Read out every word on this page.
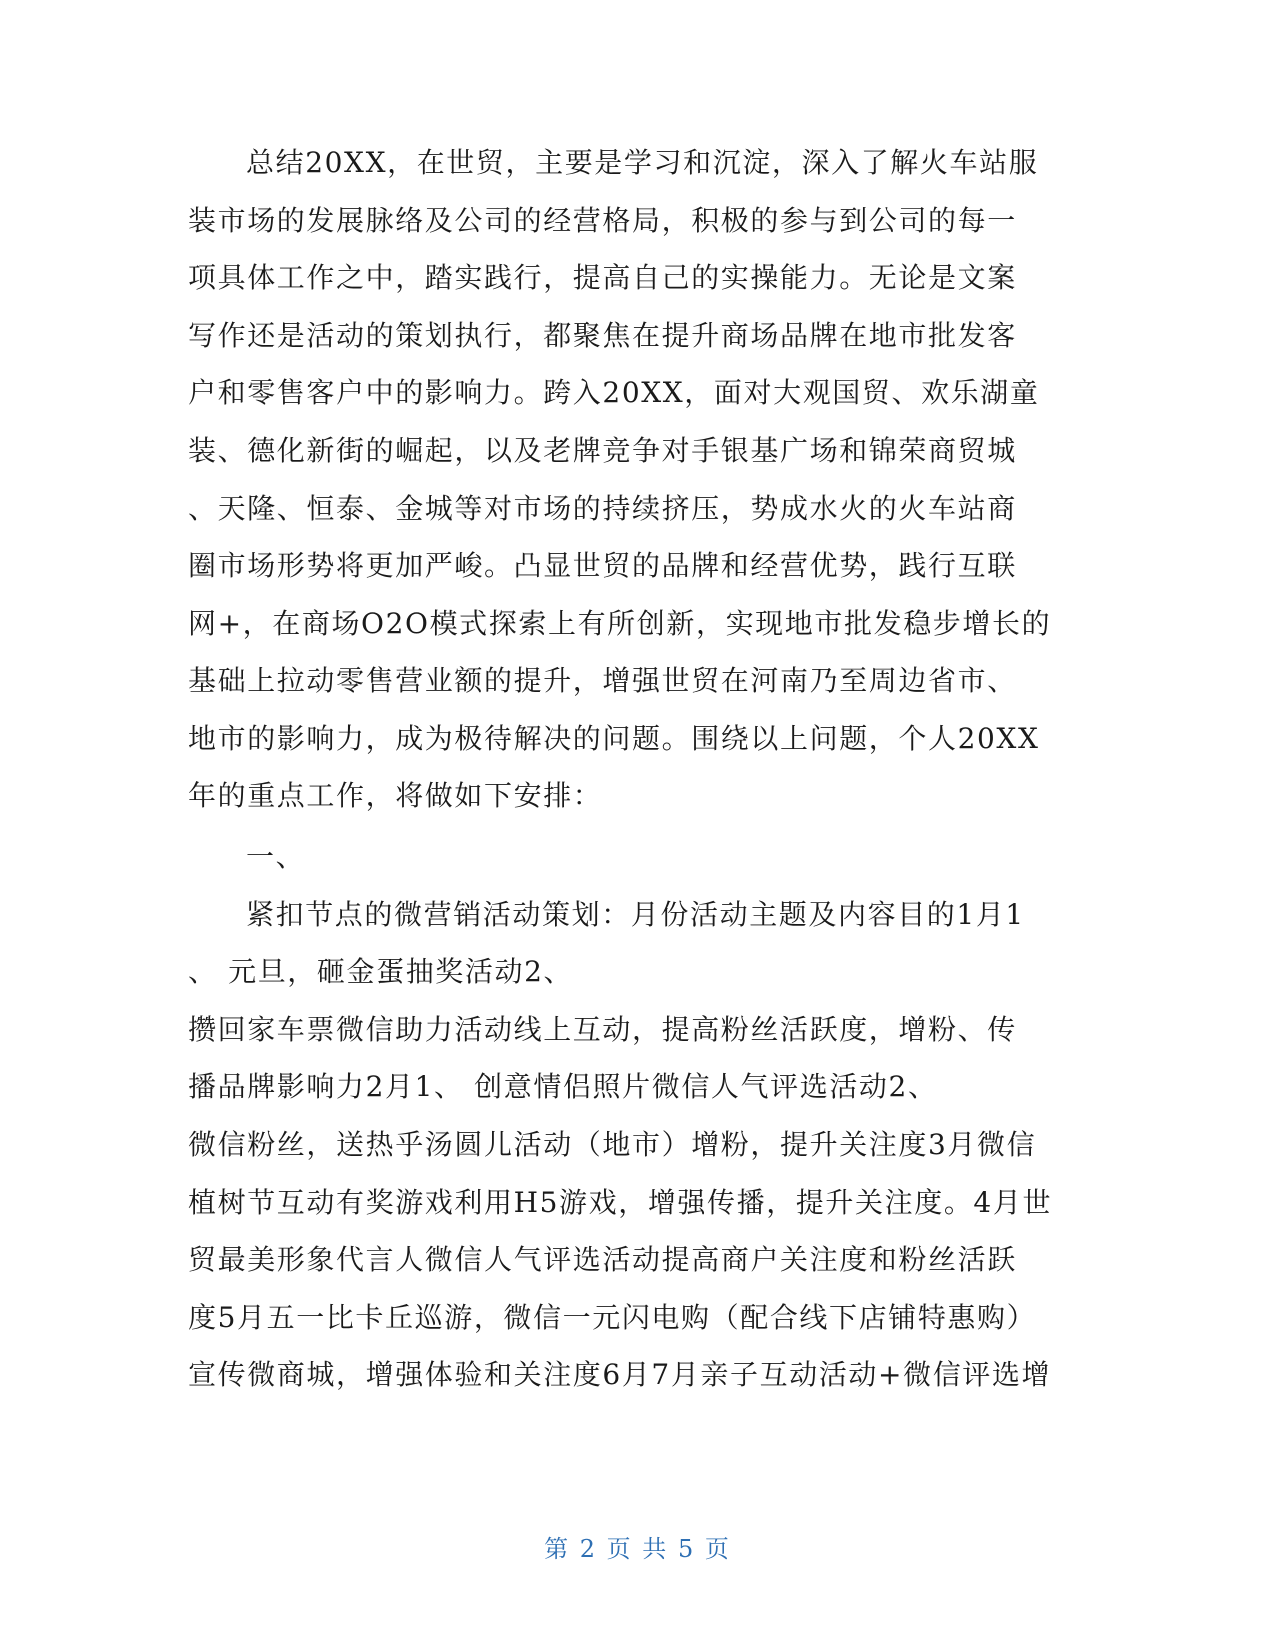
总结20XX，在世贸，主要是学习和沉淀，深入了解火车站服
装市场的发展脉络及公司的经营格局，积极的参与到公司的每一
项具体工作之中，踏实践行，提高自己的实操能力。无论是文案
写作还是活动的策划执行，都聚焦在提升商场品牌在地市批发客
户和零售客户中的影响力。跨入20XX，面对大观国贸、欢乐湖童
装、德化新街的崛起，以及老牌竞争对手银基广场和锦荣商贸城
、天隆、恒泰、金城等对市场的持续挤压，势成水火的火车站商
圈市场形势将更加严峻。凸显世贸的品牌和经营优势，践行互联
网+，在商场O2O模式探索上有所创新，实现地市批发稳步增长的
基础上拉动零售营业额的提升，增强世贸在河南乃至周边省市、
地市的影响力，成为极待解决的问题。围绕以上问题，个人20XX
年的重点工作，将做如下安排：
一、
紧扣节点的微营销活动策划：月份活动主题及内容目的1月1
、 元旦，砸金蛋抽奖活动2、
攒回家车票微信助力活动线上互动，提高粉丝活跃度，增粉、传
播品牌影响力2月1、 创意情侣照片微信人气评选活动2、
微信粉丝，送热乎汤圆儿活动（地市）增粉，提升关注度3月微信
植树节互动有奖游戏利用H5游戏，增强传播，提升关注度。4月世
贸最美形象代言人微信人气评选活动提高商户关注度和粉丝活跃
度5月五一比卡丘巡游，微信一元闪电购（配合线下店铺特惠购）
宣传微商城，增强体验和关注度6月7月亲子互动活动+微信评选增
第 2 页 共 5 页
